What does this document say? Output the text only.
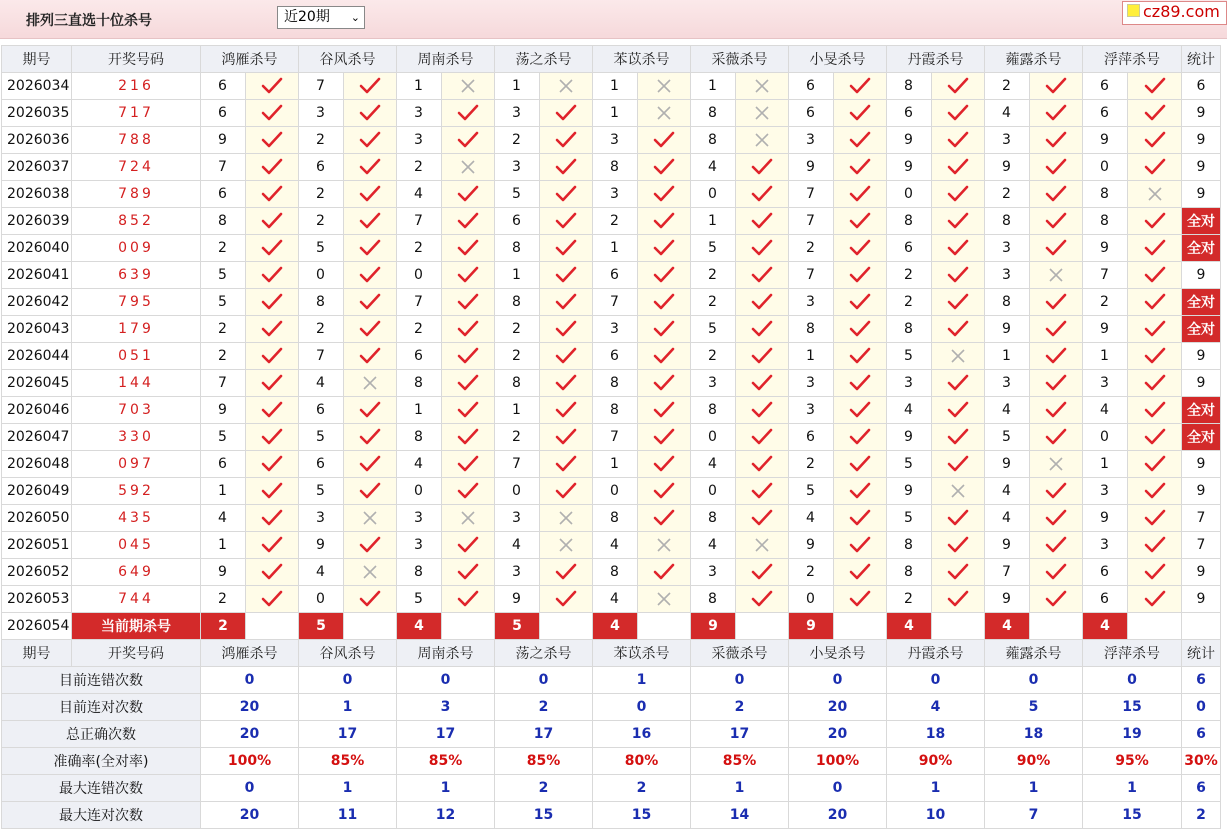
排列三直选十位杀号	近20期 ⌄	cz89.com
期号	开奖号码	鸿雁杀号		谷风杀号		周南杀号		荡之杀号		苯苡杀号		采薇杀号		小旻杀号		丹霞杀号		蕹露杀号		浮萍杀号		统计
2026034	216	6		7		1		1		1		1		6		8		2		6		6
2026035	717	6		3		3		3		1		8		6		6		4		6		9
2026036	788	9		2		3		2		3		8		3		9		3		9		9
2026037	724	7		6		2		3		8		4		9		9		9		0		9
2026038	789	6		2		4		5		3		0		7		0		2		8		9
2026039	852	8		2		7		6		2		1		7		8		8		8		全对
2026040	009	2		5		2		8		1		5		2		6		3		9		全对
2026041	639	5		0		0		1		6		2		7		2		3		7		9
2026042	795	5		8		7		8		7		2		3		2		8		2		全对
2026043	179	2		2		2		2		3		5		8		8		9		9		全对
2026044	051	2		7		6		2		6		2		1		5		1		1		9
2026045	144	7		4		8		8		8		3		3		3		3		3		9
2026046	703	9		6		1		1		8		8		3		4		4		4		全对
2026047	330	5		5		8		2		7		0		6		9		5		0		全对
2026048	097	6		6		4		7		1		4		2		5		9		1		9
2026049	592	1		5		0		0		0		0		5		9		4		3		9
2026050	435	4		3		3		3		8		8		4		5		4		9		7
2026051	045	1		9		3		4		4		4		9		8		9		3		7
2026052	649	9		4		8		3		8		3		2		8		7		6		9
2026053	744	2		0		5		9		4		8		0		2		9		6		9
2026054	当前期杀号	2		5		4		5		4		9		9		4		4		4		
期号	开奖号码	鸿雁杀号		谷风杀号		周南杀号		荡之杀号		苯苡杀号		采薇杀号		小旻杀号		丹霞杀号		蕹露杀号		浮萍杀号		统计
目前连错次数		0		0		0		0		1		0		0		0		0		0		6
目前连对次数		20		1		3		2		0		2		20		4		5		15		0
总正确次数		20		17		17		17		16		17		20		18		18		19		6
准确率(全对率)		100%		85%		85%		85%		80%		85%		100%		90%		90%		95%		30%
最大连错次数		0		1		1		2		2		1		0		1		1		1		6
最大连对次数		20		11		12		15		15		14		20		10		7		15		2
